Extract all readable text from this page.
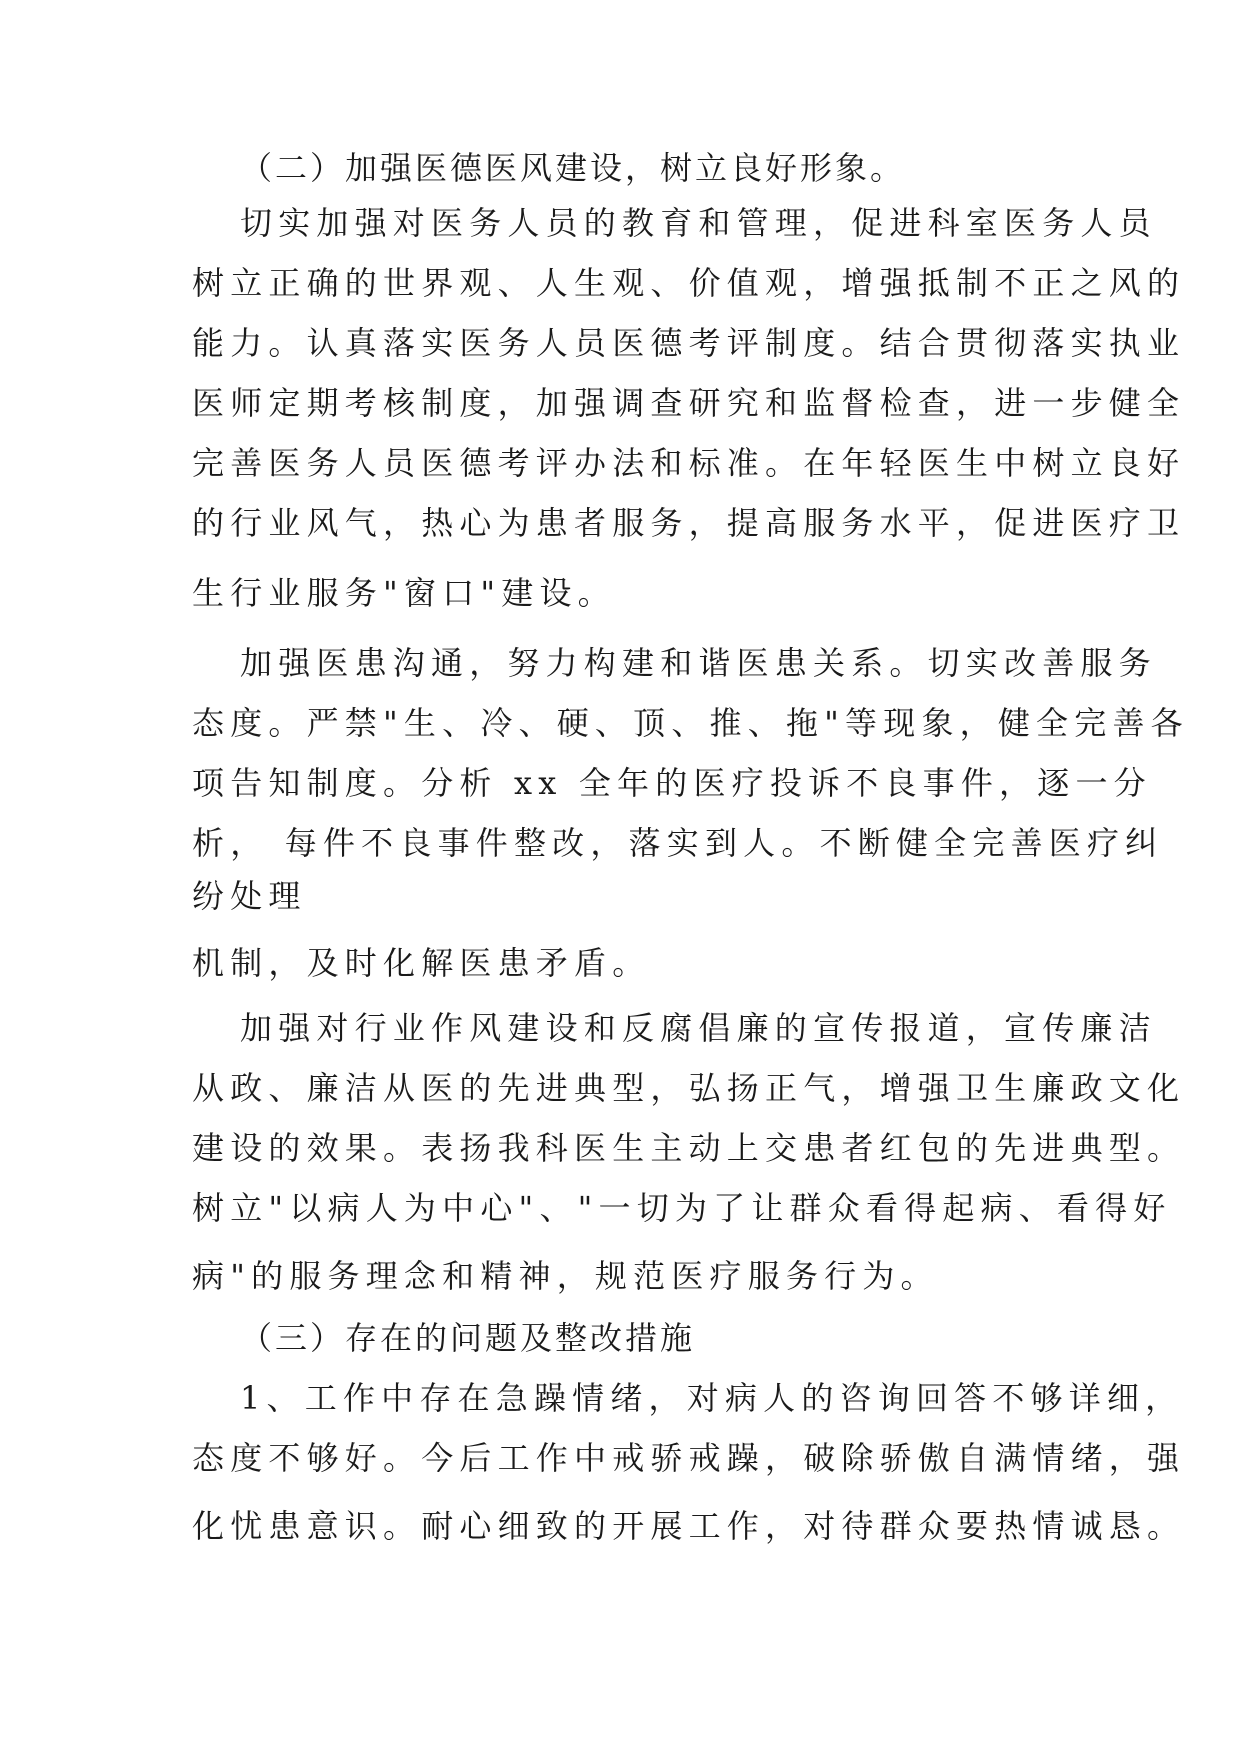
（二）加强医德医风建设，树立良好形象。
切实加强对医务人员的教育和管理，促进科室医务人员
树立正确的世界观、人生观、价值观，增强抵制不正之风的
能力。认真落实医务人员医德考评制度。结合贯彻落实执业
医师定期考核制度，加强调查研究和监督检查，进一步健全
完善医务人员医德考评办法和标准。在年轻医生中树立良好
的行业风气，热心为患者服务，提高服务水平，促进医疗卫
生行业服务"窗口"建设。
加强医患沟通，努力构建和谐医患关系。切实改善服务
态度。严禁"生、冷、硬、顶、推、拖"等现象，健全完善各
项告知制度。分析 xx 全年的医疗投诉不良事件，逐一分
析， 每件不良事件整改，落实到人。不断健全完善医疗纠
纷处理
机制，及时化解医患矛盾。
加强对行业作风建设和反腐倡廉的宣传报道，宣传廉洁
从政、廉洁从医的先进典型，弘扬正气，增强卫生廉政文化
建设的效果。表扬我科医生主动上交患者红包的先进典型。
树立"以病人为中心"、"一切为了让群众看得起病、看得好
病"的服务理念和精神，规范医疗服务行为。
（三）存在的问题及整改措施
1、工作中存在急躁情绪，对病人的咨询回答不够详细，
态度不够好。今后工作中戒骄戒躁，破除骄傲自满情绪，强
化忧患意识。耐心细致的开展工作，对待群众要热情诚恳。
